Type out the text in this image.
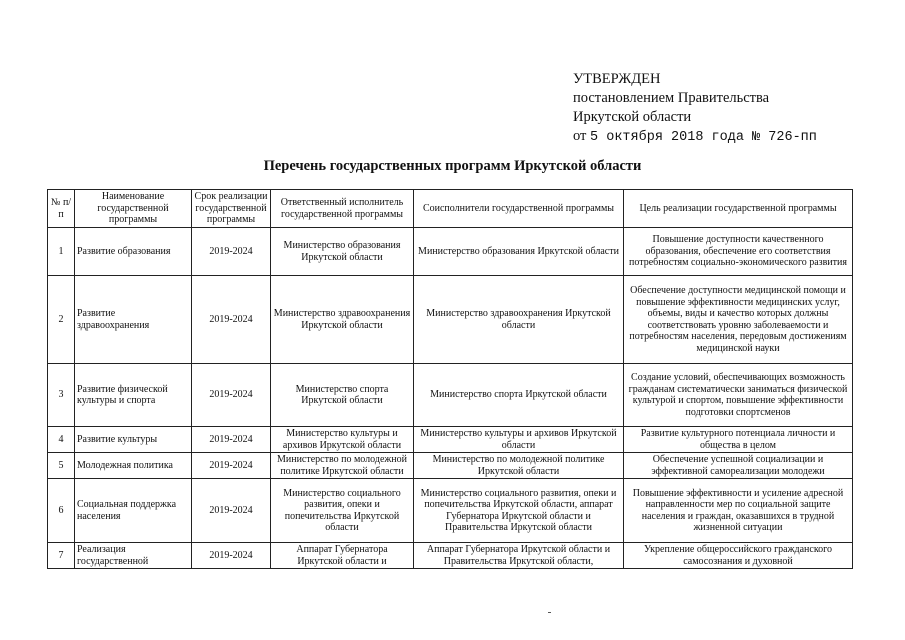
УТВЕРЖДЕН
постановлением Правительства
Иркутской области
от 5 октября 2018 года № 726-пп
Перечень государственных программ Иркутской области
№ п/п	Наименование государственной программы	Срок реализации государственной программы	Ответственный исполнитель государственной программы	Соисполнители государственной программы	Цель реализации государственной программы
1	Развитие образования	2019-2024	Министерство образования Иркутской области	Министерство образования Иркутской области	Повышение доступности качественного образования, обеспечение его соответствия потребностям социально-экономического развития
2	Развитие здравоохранения	2019-2024	Министерство здравоохранения Иркутской области	Министерство здравоохранения Иркутской области	Обеспечение доступности медицинской помощи и повышение эффективности медицинских услуг, объемы, виды и качество которых должны соответствовать уровню заболеваемости и потребностям населения, передовым достижениям медицинской науки
3	Развитие физической культуры и спорта	2019-2024	Министерство спорта Иркутской области	Министерство спорта Иркутской области	Создание условий, обеспечивающих возможность гражданам систематически заниматься физической культурой и спортом, повышение эффективности подготовки спортсменов
4	Развитие культуры	2019-2024	Министерство культуры и архивов Иркутской области	Министерство культуры и архивов Иркутской области	Развитие культурного потенциала личности и общества в целом
5	Молодежная политика	2019-2024	Министерство по молодежной политике Иркутской области	Министерство по молодежной политике Иркутской области	Обеспечение успешной социализации и эффективной самореализации молодежи
6	Социальная поддержка населения	2019-2024	Министерство социального развития, опеки и попечительства Иркутской области	Министерство социального развития, опеки и попечительства Иркутской области, аппарат Губернатора Иркутской области и Правительства Иркутской области	Повышение эффективности и усиление адресной направленности мер по социальной защите населения и граждан, оказавшихся в трудной жизненной ситуации
7	Реализация государственной	2019-2024	Аппарат Губернатора Иркутской области и	Аппарат Губернатора Иркутской области и Правительства Иркутской области,	Укрепление общероссийского гражданского самосознания и духовной
